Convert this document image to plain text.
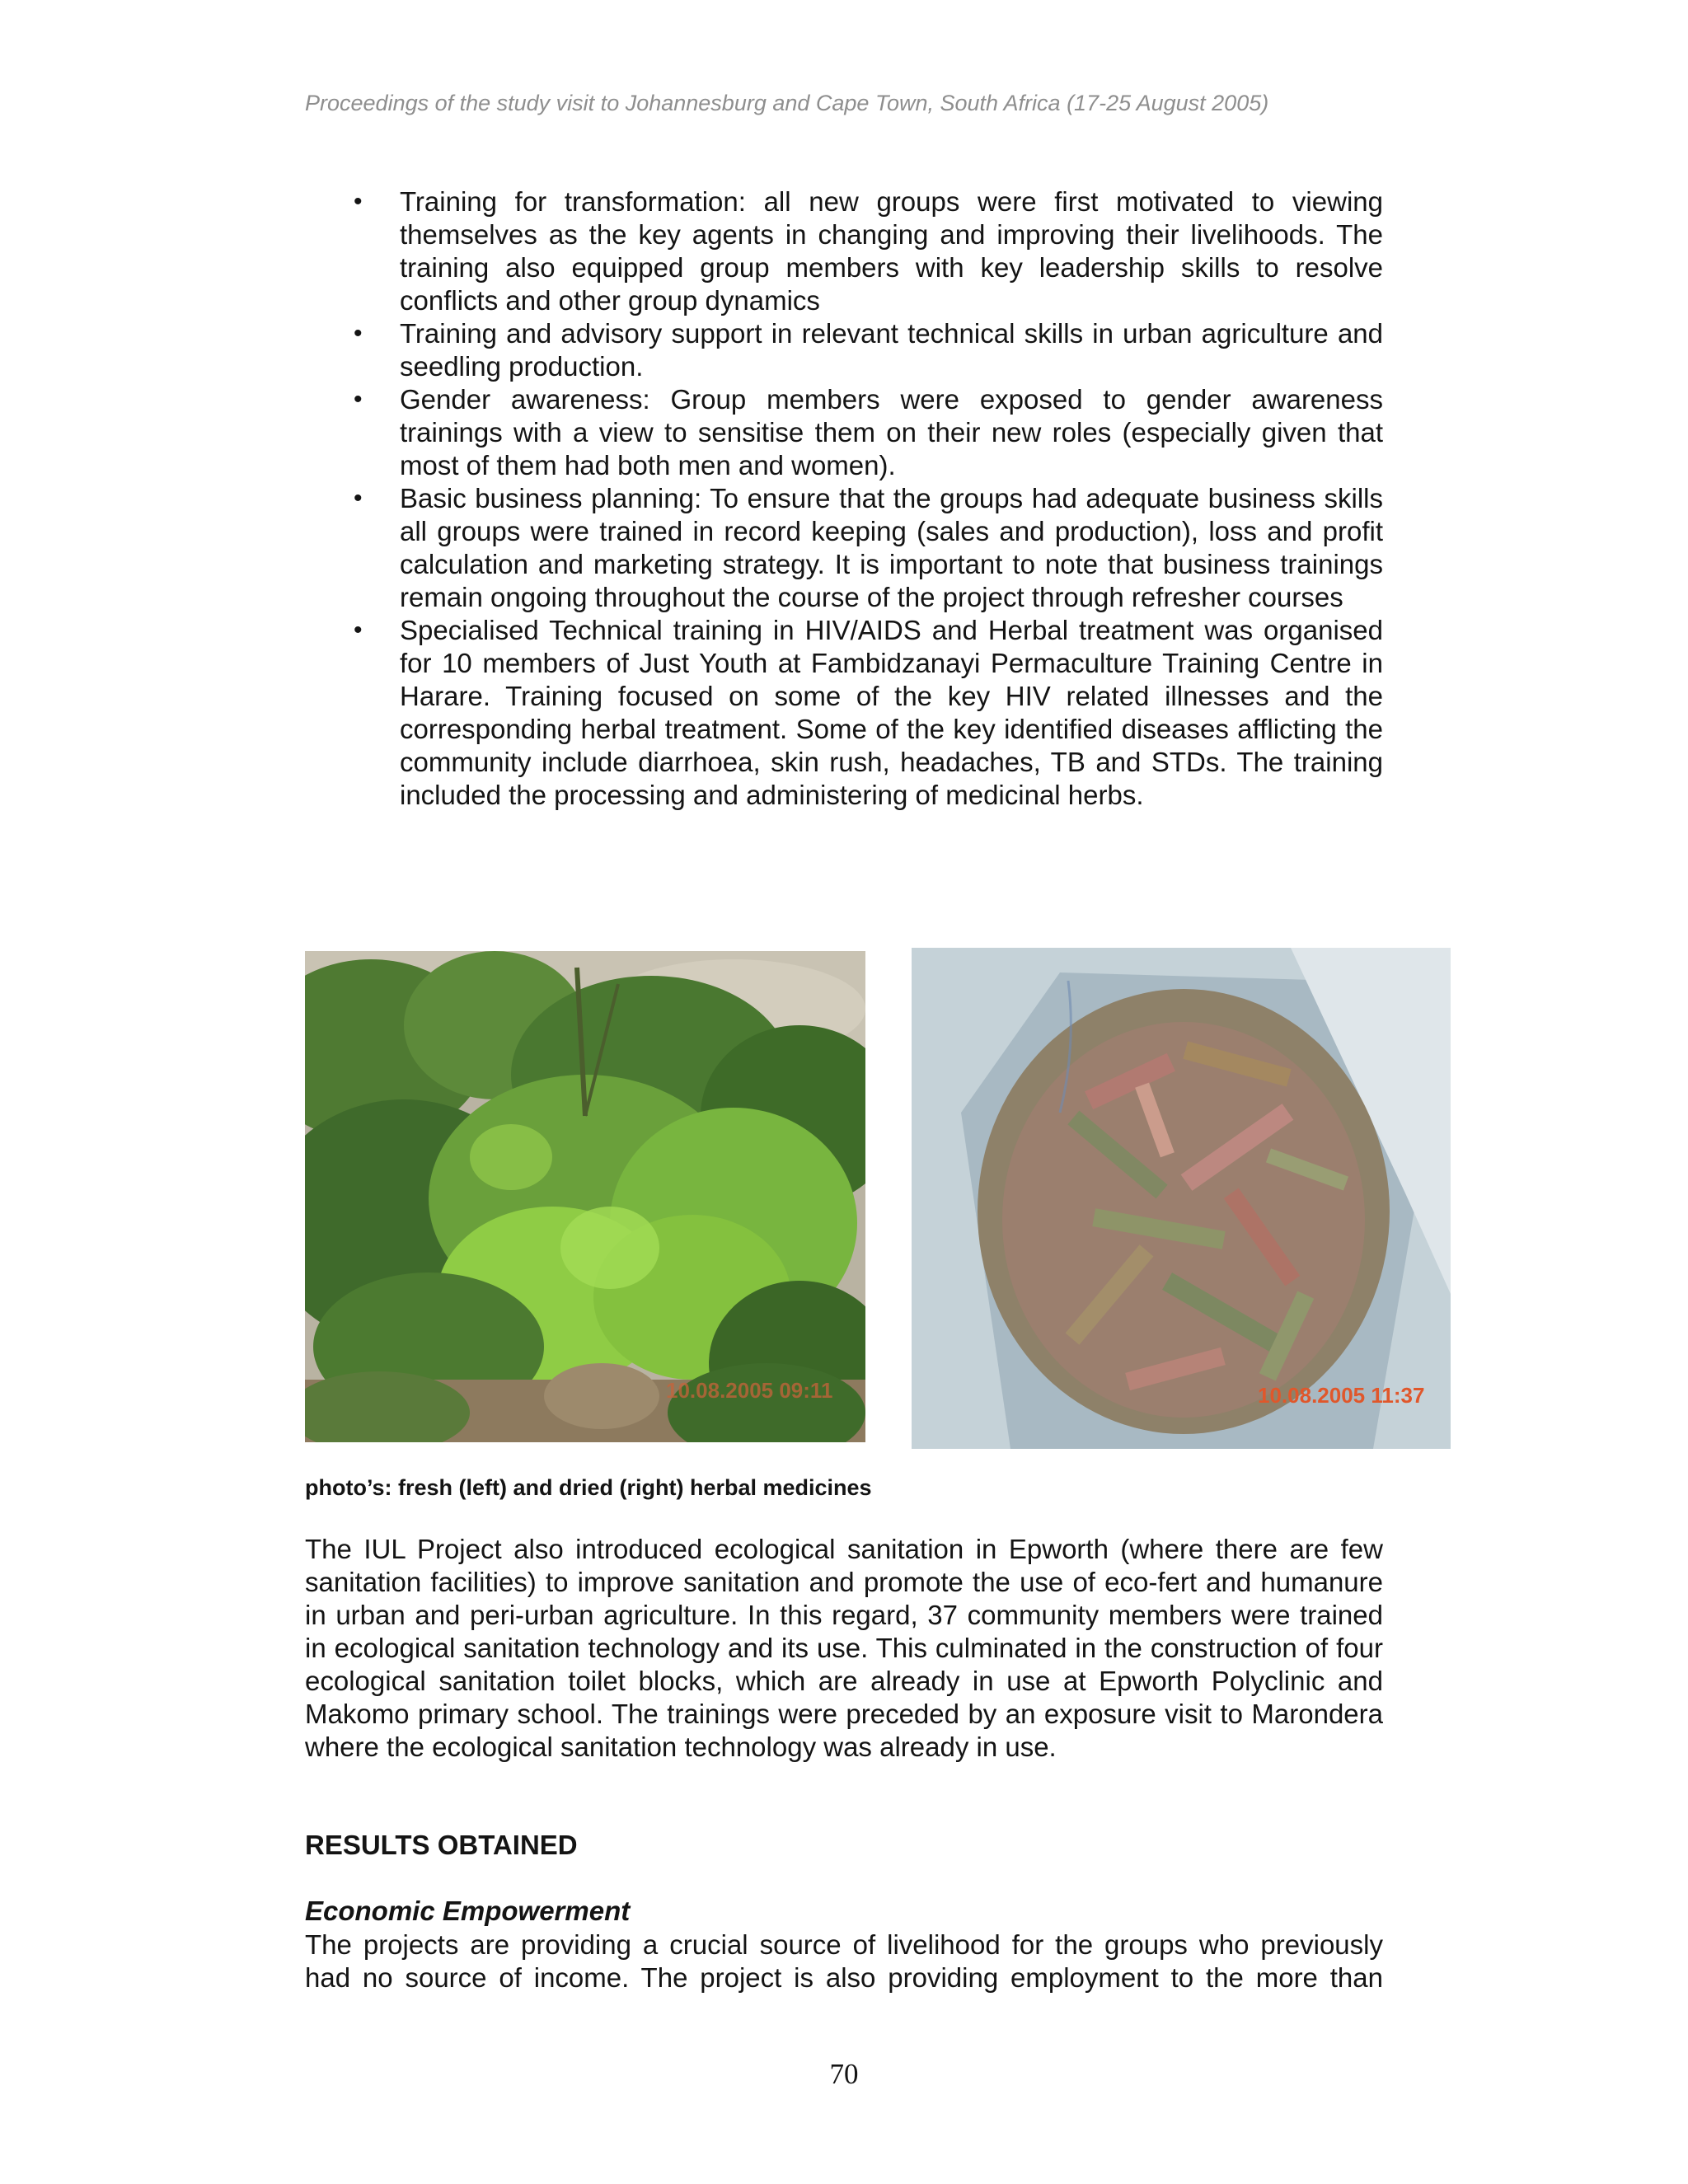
Proceedings of the study visit to Johannesburg and Cape Town, South Africa (17-25 August 2005)
• Training for transformation: all new groups were first motivated to viewing themselves as the key agents in changing and improving their livelihoods. The training also equipped group members with key leadership skills to resolve conflicts and other group dynamics
• Training and advisory support in relevant technical skills in urban agriculture and seedling production.
• Gender awareness: Group members were exposed to gender awareness trainings with a view to sensitise them on their new roles (especially given that most of them had both men and women).
• Basic business planning: To ensure that the groups had adequate business skills all groups were trained in record keeping (sales and production), loss and profit calculation and marketing strategy. It is important to note that business trainings remain ongoing throughout the course of the project through refresher courses
• Specialised Technical training in HIV/AIDS and Herbal treatment was organised for 10 members of Just Youth at Fambidzanayi Permaculture Training Centre in Harare. Training focused on some of the key HIV related illnesses and the corresponding herbal treatment. Some of the key identified diseases afflicting the community include diarrhoea, skin rush, headaches, TB and STDs. The training included the processing and administering of medicinal herbs.
10.08.2005 09:11	10.08.2005 11:37
photo’s: fresh (left) and dried (right) herbal medicines

The IUL Project also introduced ecological sanitation in Epworth (where there are few sanitation facilities) to improve sanitation and promote the use of eco-fert and humanure in urban and peri-urban agriculture. In this regard, 37 community members were trained in ecological sanitation technology and its use. This culminated in the construction of four ecological sanitation toilet blocks, which are already in use at Epworth Polyclinic and Makomo primary school. The trainings were preceded by an exposure visit to Marondera where the ecological sanitation technology was already in use.

RESULTS OBTAINED
Economic Empowerment

The projects are providing a crucial source of livelihood for the groups who previously had no source of income. The project is also providing employment to the more than

70
